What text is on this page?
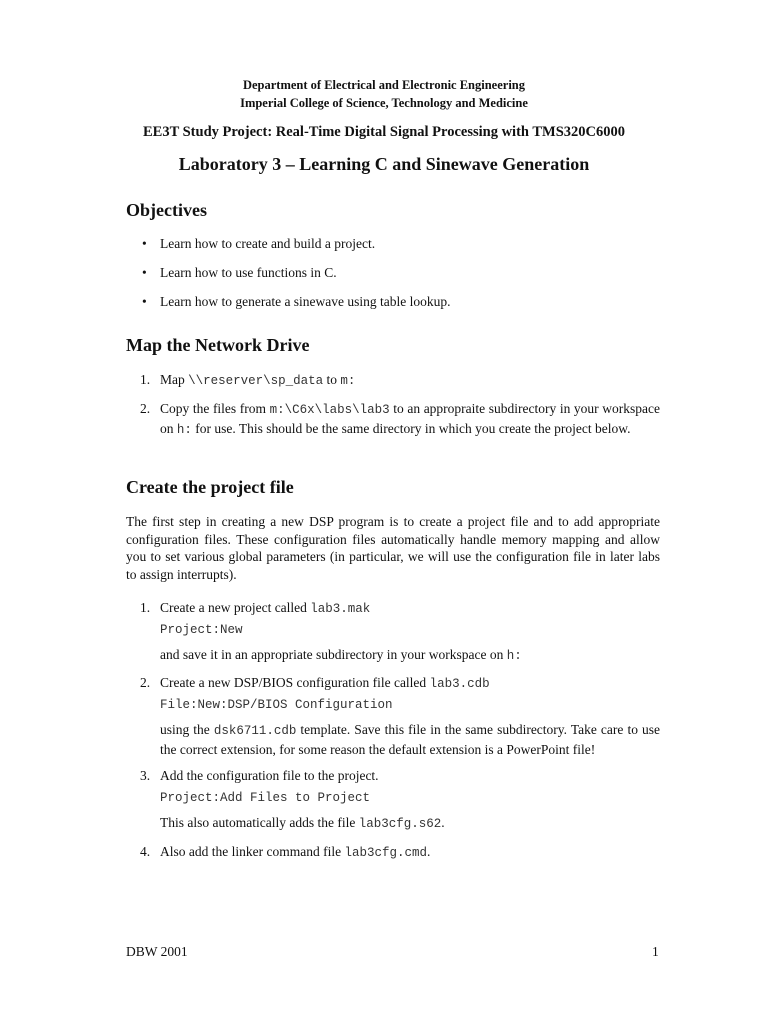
Department of Electrical and Electronic Engineering
Imperial College of Science, Technology and Medicine
EE3T Study Project: Real-Time Digital Signal Processing with TMS320C6000
Laboratory 3 – Learning C and Sinewave Generation
Objectives
• Learn how to create and build a project.
• Learn how to use functions in C.
• Learn how to generate a sinewave using table lookup.
Map the Network Drive
1. Map \\reserver\sp_data to m:
2. Copy the files from m:\C6x\labs\lab3 to an appropraite subdirectory in your workspace on h: for use. This should be the same directory in which you create the project below.
Create the project file

The first step in creating a new DSP program is to create a project file and to add appropriate configuration files. These configuration files automatically handle memory mapping and allow you to set various global parameters (in particular, we will use the configuration file in later labs to assign interrupts).

1. Create a new project called lab3.mak
Project:New
and save it in an appropriate subdirectory in your workspace on h:
2. Create a new DSP/BIOS configuration file called lab3.cdb
File:New:DSP/BIOS Configuration
using the dsk6711.cdb template. Save this file in the same subdirectory. Take care to use the correct extension, for some reason the default extension is a PowerPoint file!
3. Add the configuration file to the project.
Project:Add Files to Project
This also automatically adds the file lab3cfg.s62.
4. Also add the linker command file lab3cfg.cmd.
DBW 2001	1
